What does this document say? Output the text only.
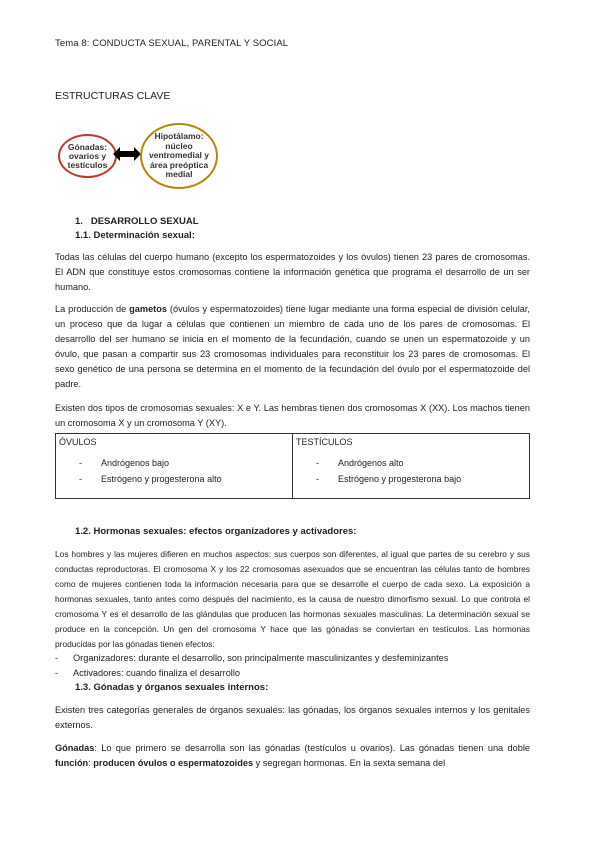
Tema 8: CONDUCTA SEXUAL, PARENTAL Y SOCIAL
ESTRUCTURAS CLAVE
Gónadas: ovarios y testículos
Hipotálamo: núcleo ventromedial y área preóptica medial
1. DESARROLLO SEXUAL
1.1. Determinación sexual:
Todas las células del cuerpo humano (excepto los espermatozoides y los óvulos) tienen 23 pares de cromosomas. El ADN que constituye estos cromosomas contiene la información genética que programa el desarrollo de un ser humano.
La producción de gametos (óvulos y espermatozoides) tiene lugar mediante una forma especial de división celular, un proceso que da lugar a células que contienen un miembro de cada uno de los pares de cromosomas. El desarrollo del ser humano se inicia en el momento de la fecundación, cuando se unen un espermatozoide y un óvulo, que pasan a compartir sus 23 cromosomas individuales para reconstituir los 23 pares de cromosomas. El sexo genético de una persona se determina en el momento de la fecundación del óvulo por el espermatozoide del padre.
Existen dos tipos de cromosomas sexuales: X e Y. Las hembras tienen dos cromosomas X (XX). Los machos tienen un cromosoma X y un cromosoma Y (XY).
ÓVULOS
- Andrógenos bajo
- Estrógeno y progesterona alto

TESTÍCULOS
- Andrógenos alto
- Estrógeno y progesterona bajo
1.2. Hormonas sexuales: efectos organizadores y activadores:
Los hombres y las mujeres difieren en muchos aspectos: sus cuerpos son diferentes, al igual que partes de su cerebro y sus conductas reproductoras. El cromosoma X y los 22 cromosomas asexuados que se encuentran las células tanto de hombres como de mujeres contienen toda la información necesaria para que se desarrolle el cuerpo de cada sexo. La exposición a hormonas sexuales, tanto antes como después del nacimiento, es la causa de nuestro dimorfismo sexual. Lo que controla el cromosoma Y es el desarrollo de las glándulas que producen las hormonas sexuales masculinas. La determinación sexual se produce en la concepción. Un gen del cromosoma Y hace que las gónadas se conviertan en testículos. Las hormonas producidas por las gónadas tienen efectos:
- Organizadores: durante el desarrollo, son principalmente masculinizantes y desfeminizantes
- Activadores: cuando finaliza el desarrollo
1.3. Gónadas y órganos sexuales internos:
Existen tres categorías generales de órganos sexuales: las gónadas, los órganos sexuales internos y los genitales externos.
Gónadas: Lo que primero se desarrolla son las gónadas (testículos u ovarios). Las gónadas tienen una doble función: producen óvulos o espermatozoides y segregan hormonas. En la sexta semana del
